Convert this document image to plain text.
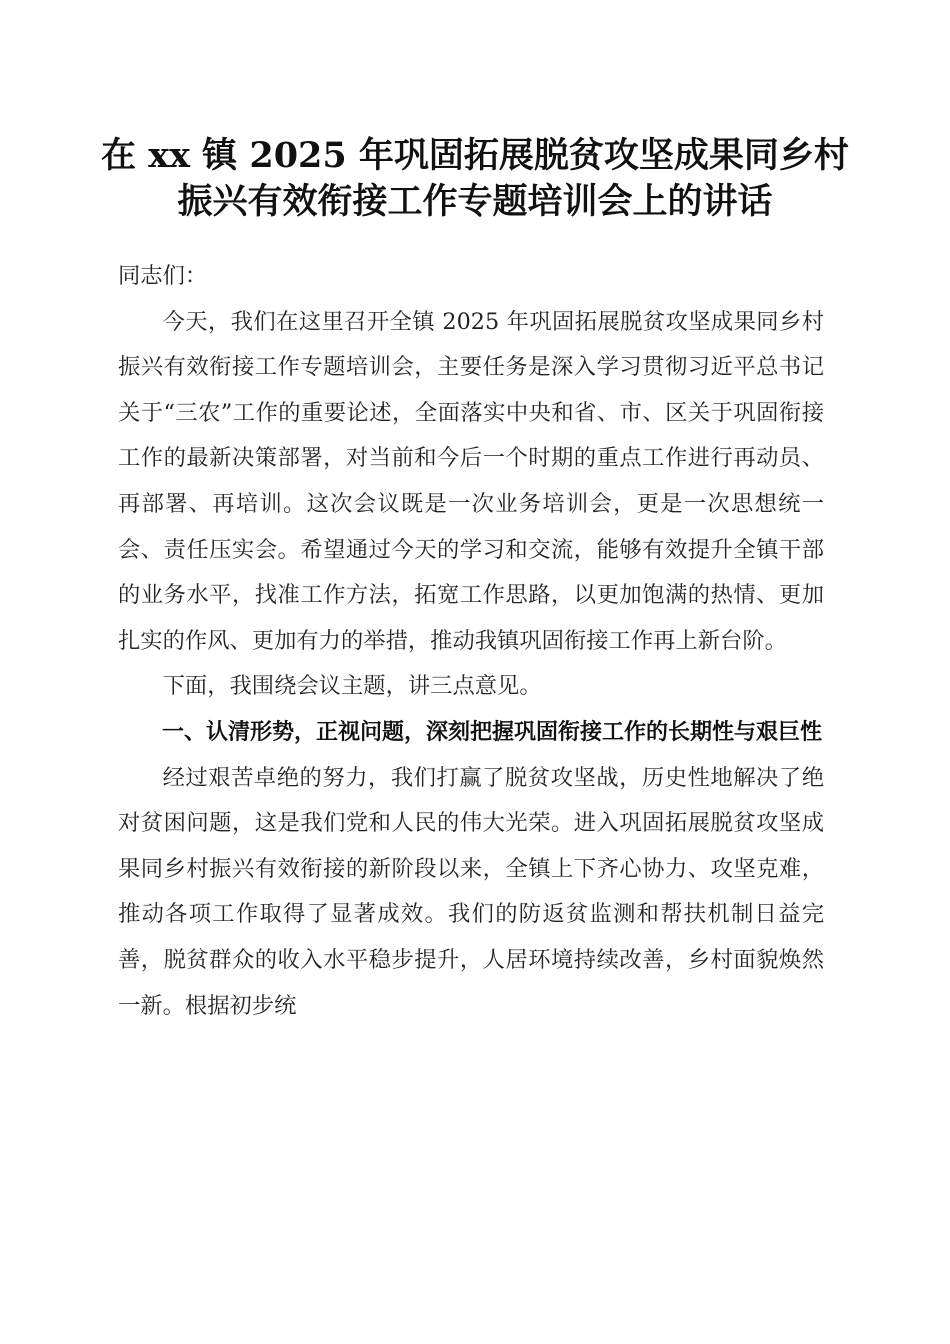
在 xx 镇 2025 年巩固拓展脱贫攻坚成果同乡村
振兴有效衔接工作专题培训会上的讲话

同志们：

今天，我们在这里召开全镇 2025 年巩固拓展脱贫攻坚成果同乡村振兴有效衔接工作专题培训会，主要任务是深入学习贯彻习近平总书记关于“三农”工作的重要论述，全面落实中央和省、市、区关于巩固衔接工作的最新决策部署，对当前和今后一个时期的重点工作进行再动员、再部署、再培训。这次会议既是一次业务培训会，更是一次思想统一会、责任压实会。希望通过今天的学习和交流，能够有效提升全镇干部的业务水平，找准工作方法，拓宽工作思路，以更加饱满的热情、更加扎实的作风、更加有力的举措，推动我镇巩固衔接工作再上新台阶。

下面，我围绕会议主题，讲三点意见。

一、认清形势，正视问题，深刻把握巩固衔接工作的长期性与艰巨性

经过艰苦卓绝的努力，我们打赢了脱贫攻坚战，历史性地解决了绝对贫困问题，这是我们党和人民的伟大光荣。进入巩固拓展脱贫攻坚成果同乡村振兴有效衔接的新阶段以来，全镇上下齐心协力、攻坚克难，推动各项工作取得了显著成效。我们的防返贫监测和帮扶机制日益完善，脱贫群众的收入水平稳步提升，人居环境持续改善，乡村面貌焕然一新。根据初步统
